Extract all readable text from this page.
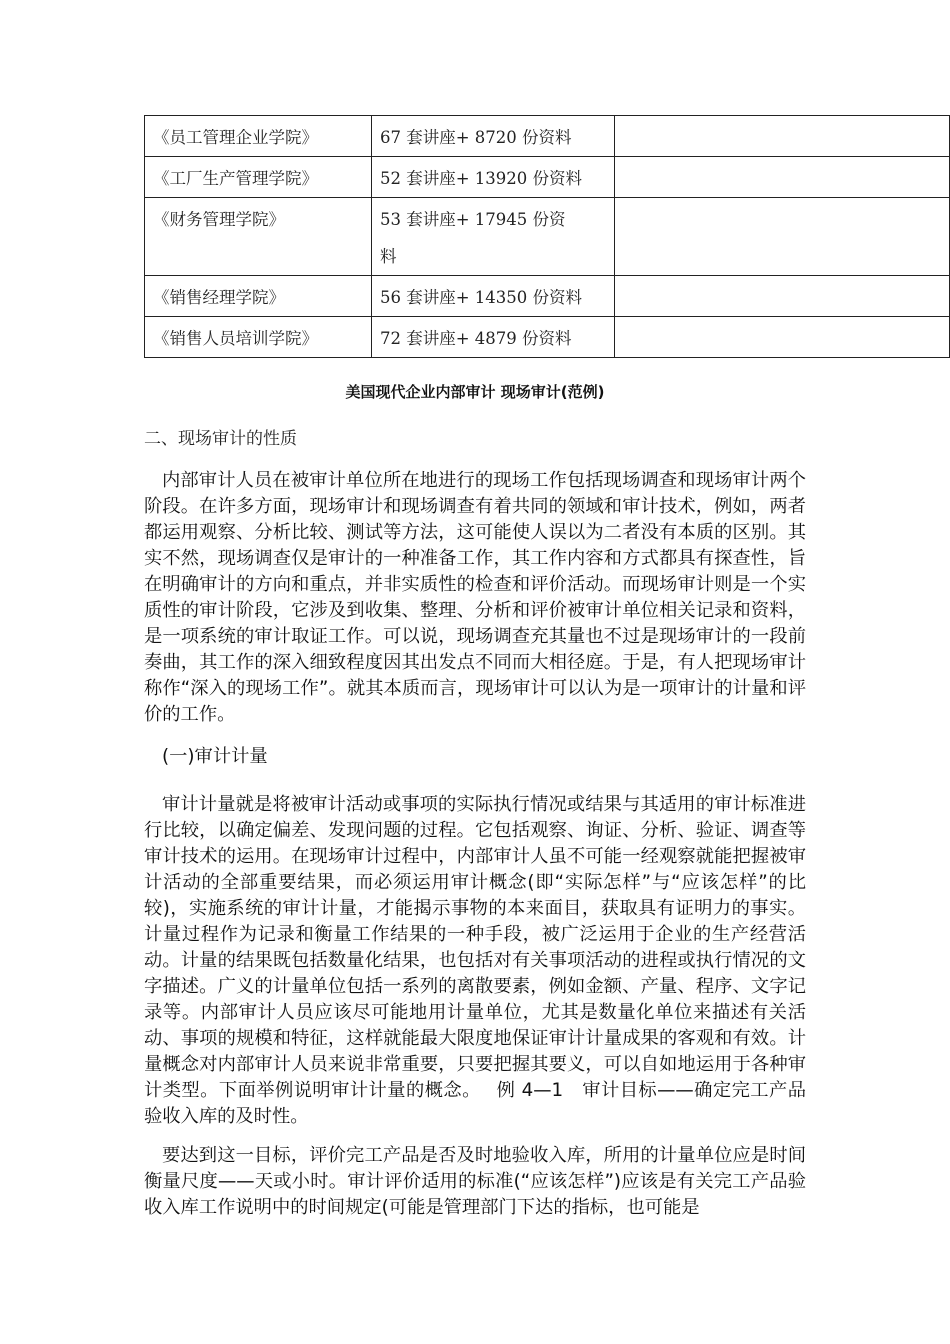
《员工管理企业学院》	67 套讲座+ 8720 份资料	
《工厂生产管理学院》	52 套讲座+ 13920 份资料	
《财务管理学院》	53 套讲座+ 17945 份资料	
《销售经理学院》	56 套讲座+ 14350 份资料	
《销售人员培训学院》	72 套讲座+ 4879 份资料	
美国现代企业内部审计 现场审计(范例)
二、现场审计的性质

内部审计人员在被审计单位所在地进行的现场工作包括现场调查和现场审计两个阶段。在许多方面，现场审计和现场调查有着共同的领域和审计技术，例如，两者都运用观察、分析比较、测试等方法，这可能使人误以为二者没有本质的区别。其实不然，现场调查仅是审计的一种准备工作，其工作内容和方式都具有探查性，旨在明确审计的方向和重点，并非实质性的检查和评价活动。而现场审计则是一个实质性的审计阶段，它涉及到收集、整理、分析和评价被审计单位相关记录和资料，是一项系统的审计取证工作。可以说，现场调查充其量也不过是现场审计的一段前奏曲，其工作的深入细致程度因其出发点不同而大相径庭。于是，有人把现场审计称作“深入的现场工作”。就其本质而言，现场审计可以认为是一项审计的计量和评价的工作。

(一)审计计量

审计计量就是将被审计活动或事项的实际执行情况或结果与其适用的审计标准进行比较，以确定偏差、发现问题的过程。它包括观察、询证、分析、验证、调查等审计技术的运用。在现场审计过程中，内部审计人虽不可能一经观察就能把握被审计活动的全部重要结果，而必须运用审计概念(即“实际怎样”与“应该怎样”的比较)，实施系统的审计计量，才能揭示事物的本来面目，获取具有证明力的事实。计量过程作为记录和衡量工作结果的一种手段，被广泛运用于企业的生产经营活动。计量的结果既包括数量化结果，也包括对有关事项活动的进程或执行情况的文字描述。广义的计量单位包括一系列的离散要素，例如金额、产量、程序、文字记录等。内部审计人员应该尽可能地用计量单位，尤其是数量化单位来描述有关活动、事项的规模和特征，这样就能最大限度地保证审计计量成果的客观和有效。计量概念对内部审计人员来说非常重要，只要把握其要义，可以自如地运用于各种审计类型。下面举例说明审计计量的概念。　 例 4—1　审计目标——确定完工产品验收入库的及时性。

要达到这一目标，评价完工产品是否及时地验收入库，所用的计量单位应是时间衡量尺度——天或小时。审计评价适用的标准(“应该怎样”)应该是有关完工产品验收入库工作说明中的时间规定(可能是管理部门下达的指标，也可能是
